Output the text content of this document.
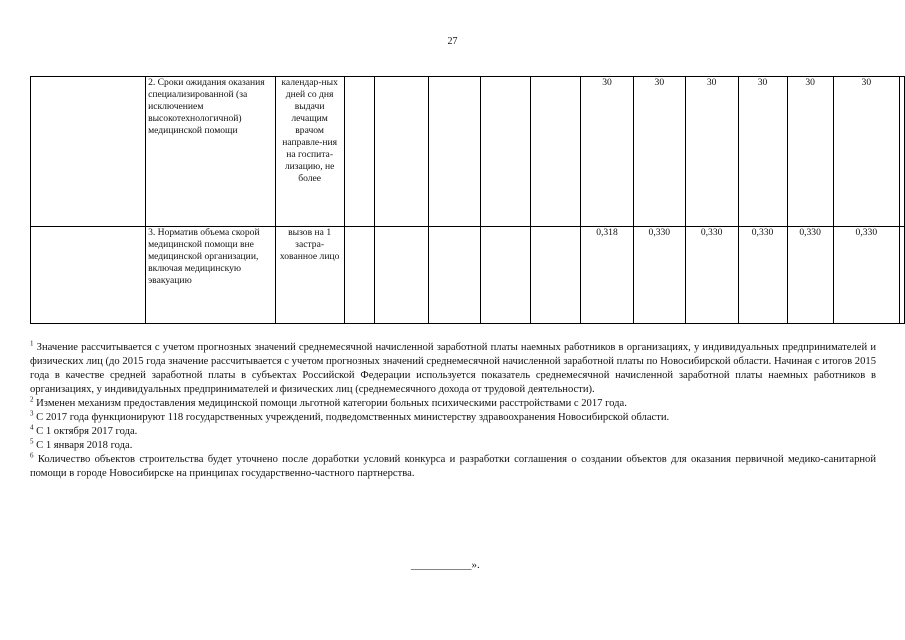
27
	2. Сроки ожидания оказания специализированной (за исключением высокотехнологичной) медицинской помощи	календар-ных дней со дня выдачи лечащим врачом направле-ния на госпита-лизацию, не более						30	30	30	30	30	30	
	3. Норматив объема скорой медицинской помощи вне медицинской организации, включая медицинскую эвакуацию	вызов на 1 застра-хованное лицо						0,318	0,330	0,330	0,330	0,330	0,330	

$^1$ Значение рассчитывается с учетом прогнозных значений среднемесячной начисленной заработной платы наемных работников в организациях, у индивидуальных предпринимателей и физических лиц (до 2015 года значение рассчитывается с учетом прогнозных значений среднемесячной начисленной заработной платы по Новосибирской области. Начиная с итогов 2015 года в качестве средней заработной платы в субъектах Российской Федерации используется показатель среднемесячной начисленной заработной платы наемных работников в организациях, у индивидуальных предпринимателей и физических лиц (среднемесячного дохода от трудовой деятельности).

$^2$ Изменен механизм предоставления медицинской помощи льготной категории больных психическими расстройствами с 2017 года.

$^3$ С 2017 года функционируют 118 государственных учреждений, подведомственных министерству здравоохранения Новосибирской области.

$^4$ С 1 октября 2017 года.

$^5$ С 1 января 2018 года.

$^6$ Количество объектов строительства будет уточнено после доработки условий конкурса и разработки соглашения о создании объектов для оказания первичной медико-санитарной помощи в городе Новосибирске на принципах государственно-частного партнерства.

___________».
